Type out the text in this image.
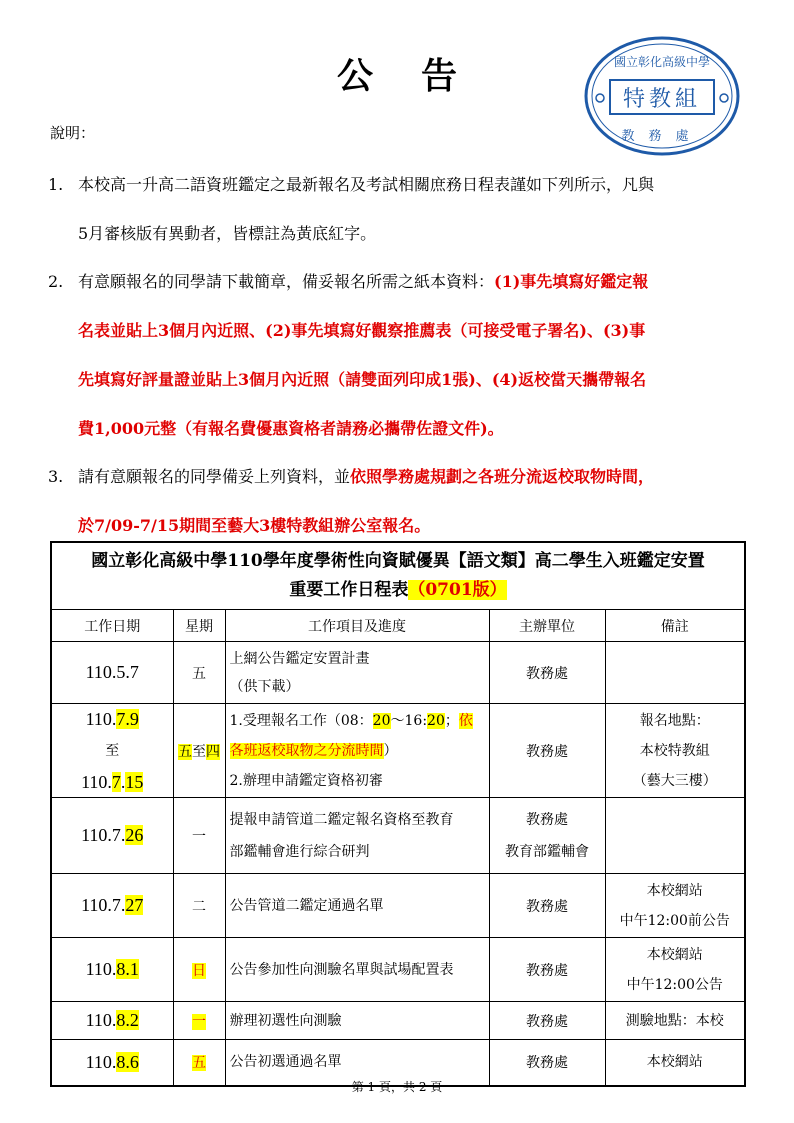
公告	國立彰化高級中學
特教組
教務處
說明：
1. 本校高一升高二語資班鑑定之最新報名及考試相關庶務日程表謹如下列所示，凡與
5月審核版有異動者，皆標註為黃底紅字。
2. 有意願報名的同學請下載簡章，備妥報名所需之紙本資料：(1)事先填寫好鑑定報
名表並貼上3個月內近照、(2)事先填寫好觀察推薦表（可接受電子署名)、(3)事
先填寫好評量證並貼上3個月內近照（請雙面列印成1張)、(4)返校當天攜帶報名
費1,000元整（有報名費優惠資格者請務必攜帶佐證文件)。
3. 請有意願報名的同學備妥上列資料，並依照學務處規劃之各班分流返校取物時間，
於7/09-7/15期間至藝大3樓特教組辦公室報名。
國立彰化高級中學110學年度學術性向資賦優異【語文類】高二學生入班鑑定安置
重要工作日程表（0701版）				
工作日期	星期	工作項目及進度	主辦單位	備註
110.5.7	五	上網公告鑑定安置計畫
（供下載）	教務處	
110.7.9
至
110.7.15	五至四	1.受理報名工作（08：20～16:20；依
各班返校取物之分流時間）
2.辦理申請鑑定資格初審	教務處	報名地點：
本校特教組
（藝大三樓）
110.7.26	一	提報申請管道二鑑定報名資格至教育
部鑑輔會進行綜合研判	教務處
教育部鑑輔會	
110.7.27	二	公告管道二鑑定通過名單	教務處	本校網站
中午12:00前公告
110.8.1	日	公告參加性向測驗名單與試場配置表	教務處	本校網站
中午12:00公告
110.8.2	一	辦理初選性向測驗	教務處	測驗地點：本校
110.8.6	五	公告初選通過名單	教務處	本校網站
第 1 頁，共 2 頁
